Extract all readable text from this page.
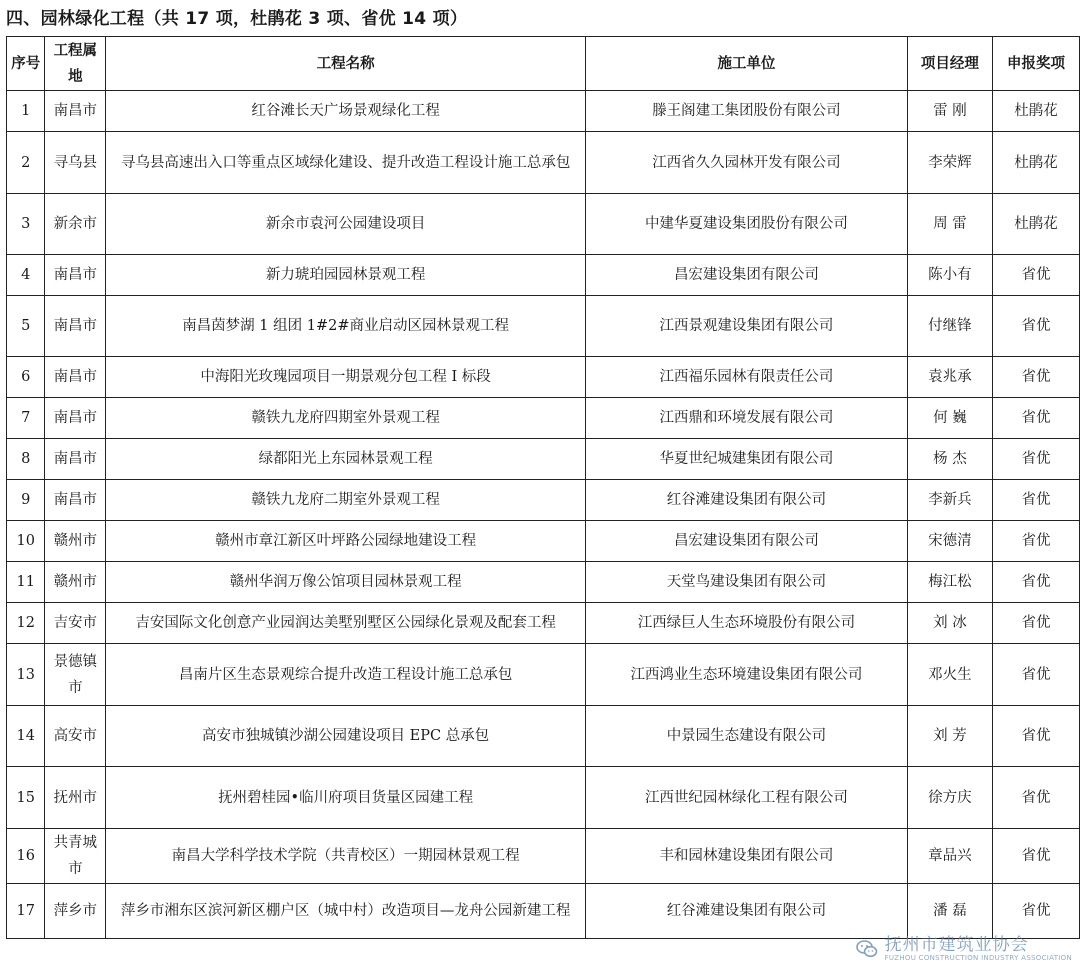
四、园林绿化工程（共 17 项，杜鹃花 3 项、省优 14 项）
序号	工程属地	工程名称	施工单位	项目经理	申报奖项
1	南昌市	红谷滩长天广场景观绿化工程	滕王阁建工集团股份有限公司	雷 刚	杜鹃花
2	寻乌县	寻乌县高速出入口等重点区域绿化建设、提升改造工程设计施工总承包	江西省久久园林开发有限公司	李荣辉	杜鹃花
3	新余市	新余市袁河公园建设项目	中建华夏建设集团股份有限公司	周 雷	杜鹃花
4	南昌市	新力琥珀园园林景观工程	昌宏建设集团有限公司	陈小有	省优
5	南昌市	南昌茵梦湖 1 组团 1#2#商业启动区园林景观工程	江西景观建设集团有限公司	付继锋	省优
6	南昌市	中海阳光玫瑰园项目一期景观分包工程 I 标段	江西福乐园林有限责任公司	袁兆承	省优
7	南昌市	赣铁九龙府四期室外景观工程	江西鼎和环境发展有限公司	何 巍	省优
8	南昌市	绿都阳光上东园林景观工程	华夏世纪城建集团有限公司	杨 杰	省优
9	南昌市	赣铁九龙府二期室外景观工程	红谷滩建设集团有限公司	李新兵	省优
10	赣州市	赣州市章江新区叶坪路公园绿地建设工程	昌宏建设集团有限公司	宋德清	省优
11	赣州市	赣州华润万像公馆项目园林景观工程	天堂鸟建设集团有限公司	梅江松	省优
12	吉安市	吉安国际文化创意产业园润达美墅别墅区公园绿化景观及配套工程	江西绿巨人生态环境股份有限公司	刘 冰	省优
13	景德镇市	昌南片区生态景观综合提升改造工程设计施工总承包	江西鸿业生态环境建设集团有限公司	邓火生	省优
14	高安市	高安市独城镇沙湖公园建设项目 EPC 总承包	中景园生态建设有限公司	刘 芳	省优
15	抚州市	抚州碧桂园•临川府项目货量区园建工程	江西世纪园林绿化工程有限公司	徐方庆	省优
16	共青城市	南昌大学科学技术学院（共青校区）一期园林景观工程	丰和园林建设集团有限公司	章品兴	省优
17	萍乡市	萍乡市湘东区滨河新区棚户区（城中村）改造项目—龙舟公园新建工程	红谷滩建设集团有限公司	潘 磊	省优
抚州市建筑业协会
FUZHOU CONSTRUCTION INDUSTRY ASSOCIATION
